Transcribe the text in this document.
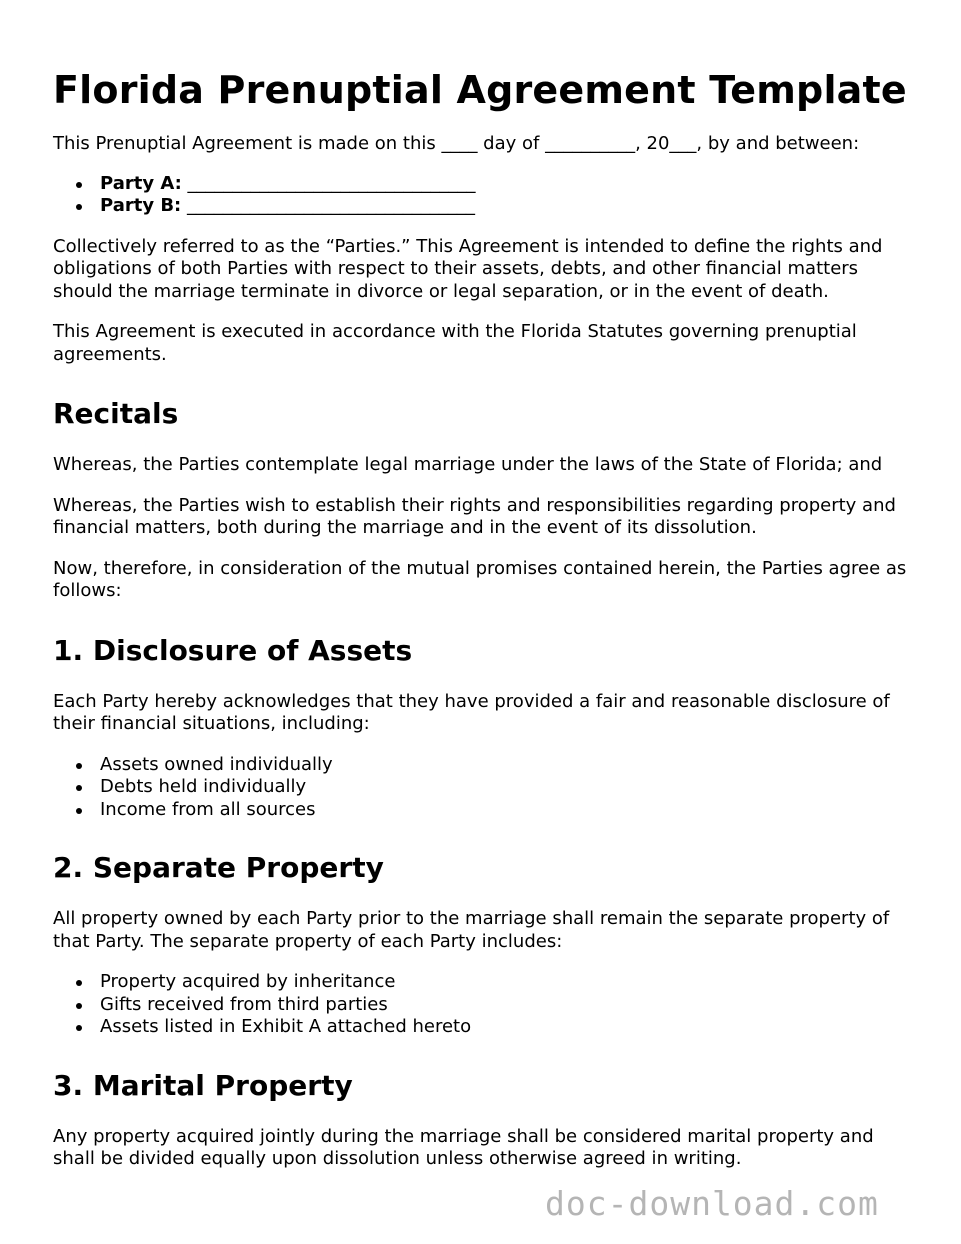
Florida Prenuptial Agreement Template

This Prenuptial Agreement is made on this ____ day of __________, 20___, by and between:

Party A: ________________________________
Party B: ________________________________

Collectively referred to as the “Parties.” This Agreement is intended to define the rights and obligations of both Parties with respect to their assets, debts, and other financial matters should the marriage terminate in divorce or legal separation, or in the event of death.

This Agreement is executed in accordance with the Florida Statutes governing prenuptial agreements.

Recitals

Whereas, the Parties contemplate legal marriage under the laws of the State of Florida; and

Whereas, the Parties wish to establish their rights and responsibilities regarding property and financial matters, both during the marriage and in the event of its dissolution.

Now, therefore, in consideration of the mutual promises contained herein, the Parties agree as follows:

1. Disclosure of Assets

Each Party hereby acknowledges that they have provided a fair and reasonable disclosure of their financial situations, including:

Assets owned individually
Debts held individually
Income from all sources
2. Separate Property

All property owned by each Party prior to the marriage shall remain the separate property of that Party. The separate property of each Party includes:

Property acquired by inheritance
Gifts received from third parties
Assets listed in Exhibit A attached hereto
3. Marital Property

Any property acquired jointly during the marriage shall be considered marital property and shall be divided equally upon dissolution unless otherwise agreed in writing.

doc-download.com
